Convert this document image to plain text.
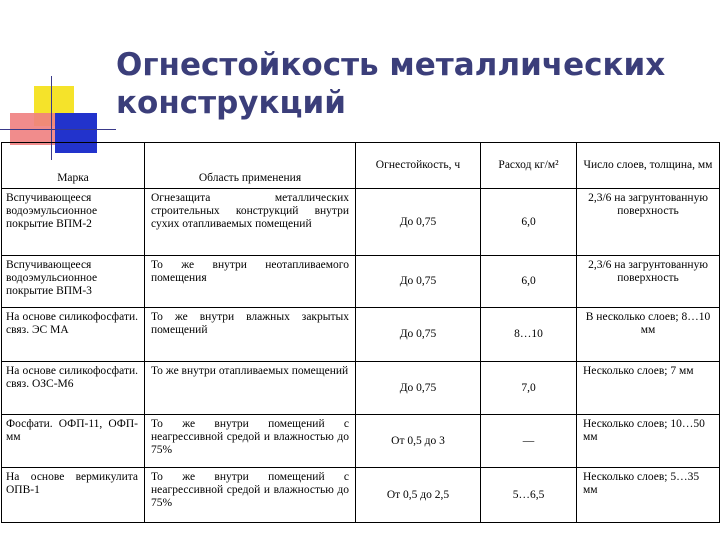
Огнестойкость металлических конструкций
Марка	Область применения	Огнестойкость, ч	Расход кг/м²	Число слоев, толщина, мм
Вспучивающееся водоэмульсионное покрытие ВПМ-2	Огнезащита металлических строительных конструкций внутри сухих отапливаемых помещений	До 0,75	6,0	2,3/6 на загрунтованную поверхность
Вспучивающееся водоэмульсионное покрытие ВПМ-3	То же внутри неотапливаемого помещения	До 0,75	6,0	2,3/6 на загрунтованную поверхность
На основе силикофосфати. связ. ЭС МА	То же внутри влажных закрытых помещений	До 0,75	8…10	В несколько слоев; 8…10 мм
На основе силикофосфати. связ. ОЗС-М6	То же внутри отапливаемых помещений	До 0,75	7,0	Несколько слоев; 7 мм
Фосфати. ОФП-11, ОФП-мм	То же внутри помещений с неагрессивной средой и влажностью до 75%	От 0,5 до 3	—	Несколько слоев; 10…50 мм
На основе вермикулита ОПВ-1	То же внутри помещений с неагрессивной средой и влажностью до 75%	От 0,5 до 2,5	5…6,5	Несколько слоев; 5…35 мм
